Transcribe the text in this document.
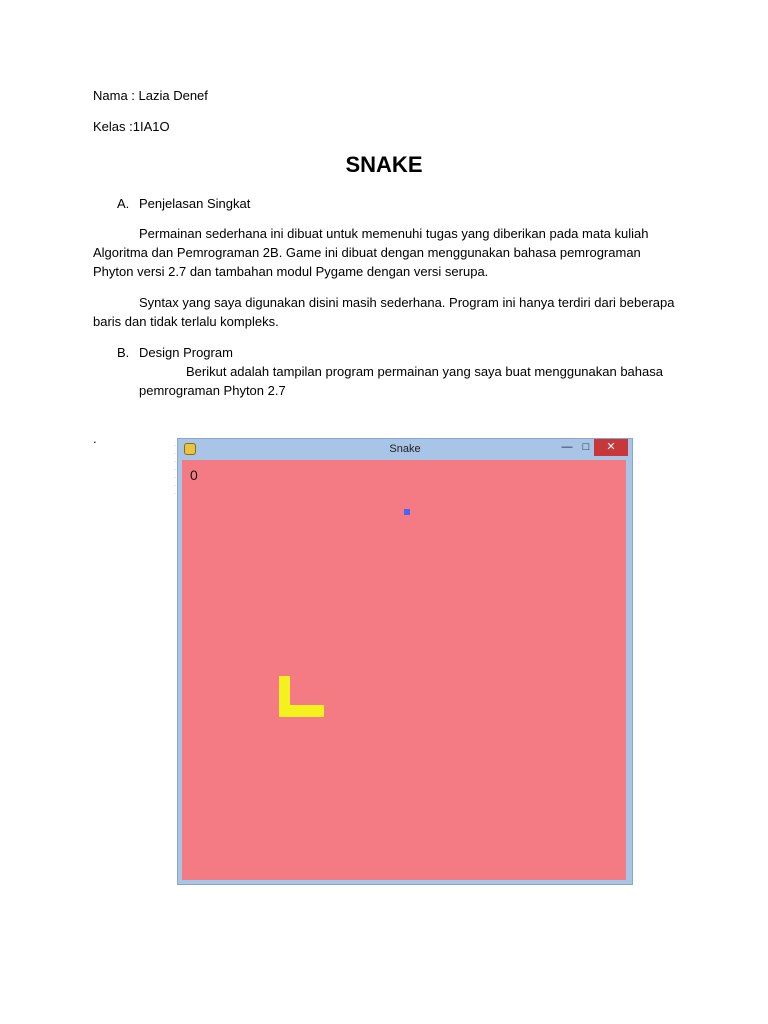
Nama : Lazia Denef
Kelas :1IA1O
SNAKE
A. Penjelasan Singkat
Permainan sederhana ini dibuat untuk memenuhi tugas yang diberikan pada mata kuliah
Algoritma dan Pemrograman 2B. Game ini dibuat dengan menggunakan bahasa pemrograman
Phyton versi 2.7 dan tambahan modul Pygame dengan versi serupa.
Syntax yang saya digunakan disini masih sederhana. Program ini hanya terdiri dari beberapa
baris dan tidak terlalu kompleks.
B. Design Program
Berikut adalah tampilan program permainan yang saya buat menggunakan bahasa
pemrograman Phyton 2.7
.	·
·
·
·
·
·
·
Snake	— □	✕
0
